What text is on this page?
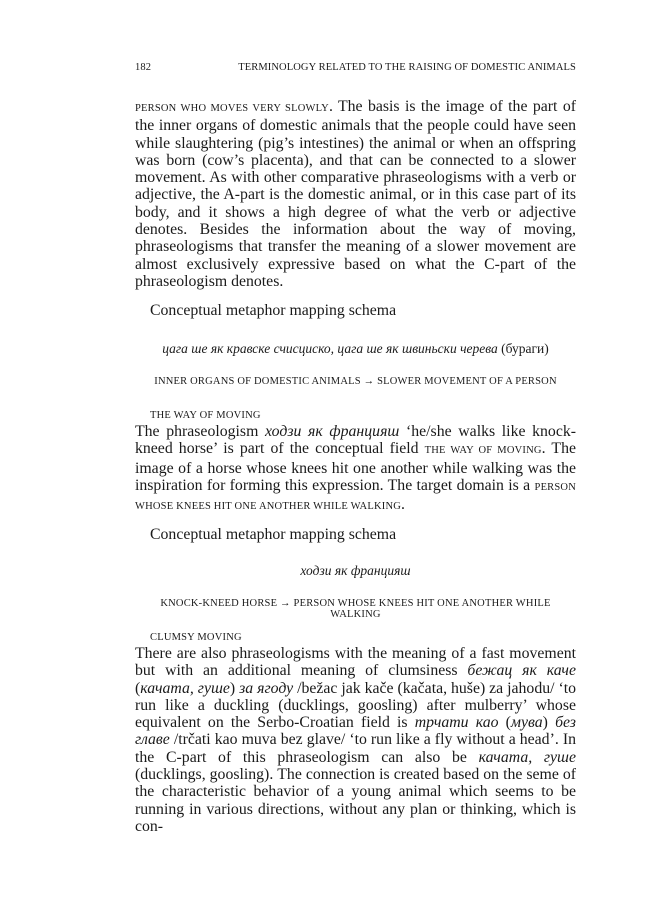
182	TERMINOLOGY RELATED TO THE RAISING OF DOMESTIC ANIMALS

PERSON WHO MOVES VERY SLOWLY. The basis is the image of the part of the inner organs of domestic animals that the people could have seen while slaughtering (pig’s intestines) the animal or when an offspring was born (cow’s placenta), and that can be connected to a slower movement. As with other comparative phraseologisms with a verb or adjective, the A-part is the domestic animal, or in this case part of its body, and it shows a high degree of what the verb or adjective denotes. Besides the information about the way of moving, phraseologisms that transfer the meaning of a slower movement are almost exclusively expressive based on what the C-part of the phraseologism denotes.

Conceptual metaphor mapping schema
цага ше як кравске счисциско, цага ше як швиньски черева (бураги)
INNER ORGANS OF DOMESTIC ANIMALS → SLOWER MOVEMENT OF A PERSON
THE WAY OF MOVING

The phraseologism ходзи як францияш ‘he/she walks like knock-kneed horse’ is part of the conceptual field THE WAY OF MOVING. The image of a horse whose knees hit one another while walking was the inspiration for forming this expression. The target domain is a PERSON WHOSE KNEES HIT ONE ANOTHER WHILE WALKING.

Conceptual metaphor mapping schema
ходзи як францияш
KNOCK-KNEED HORSE → PERSON WHOSE KNEES HIT ONE ANOTHER WHILE WALKING
CLUMSY MOVING

There are also phraseologisms with the meaning of a fast movement but with an additional meaning of clumsiness бежац як каче (качата, гуше) за ягоду /bežac jak kače (kačata, huše) za jahodu/ ‘to run like a duckling (ducklings, goosling) after mulberry’ whose equivalent on the Serbo-Croatian field is трчати као (мува) без главе /trčati kao muva bez glave/ ‘to run like a fly without a head’. In the C-part of this phraseologism can also be качата, гуше (ducklings, goosling). The connection is created based on the seme of the characteristic behavior of a young animal which seems to be running in various directions, without any plan or thinking, which is con-
